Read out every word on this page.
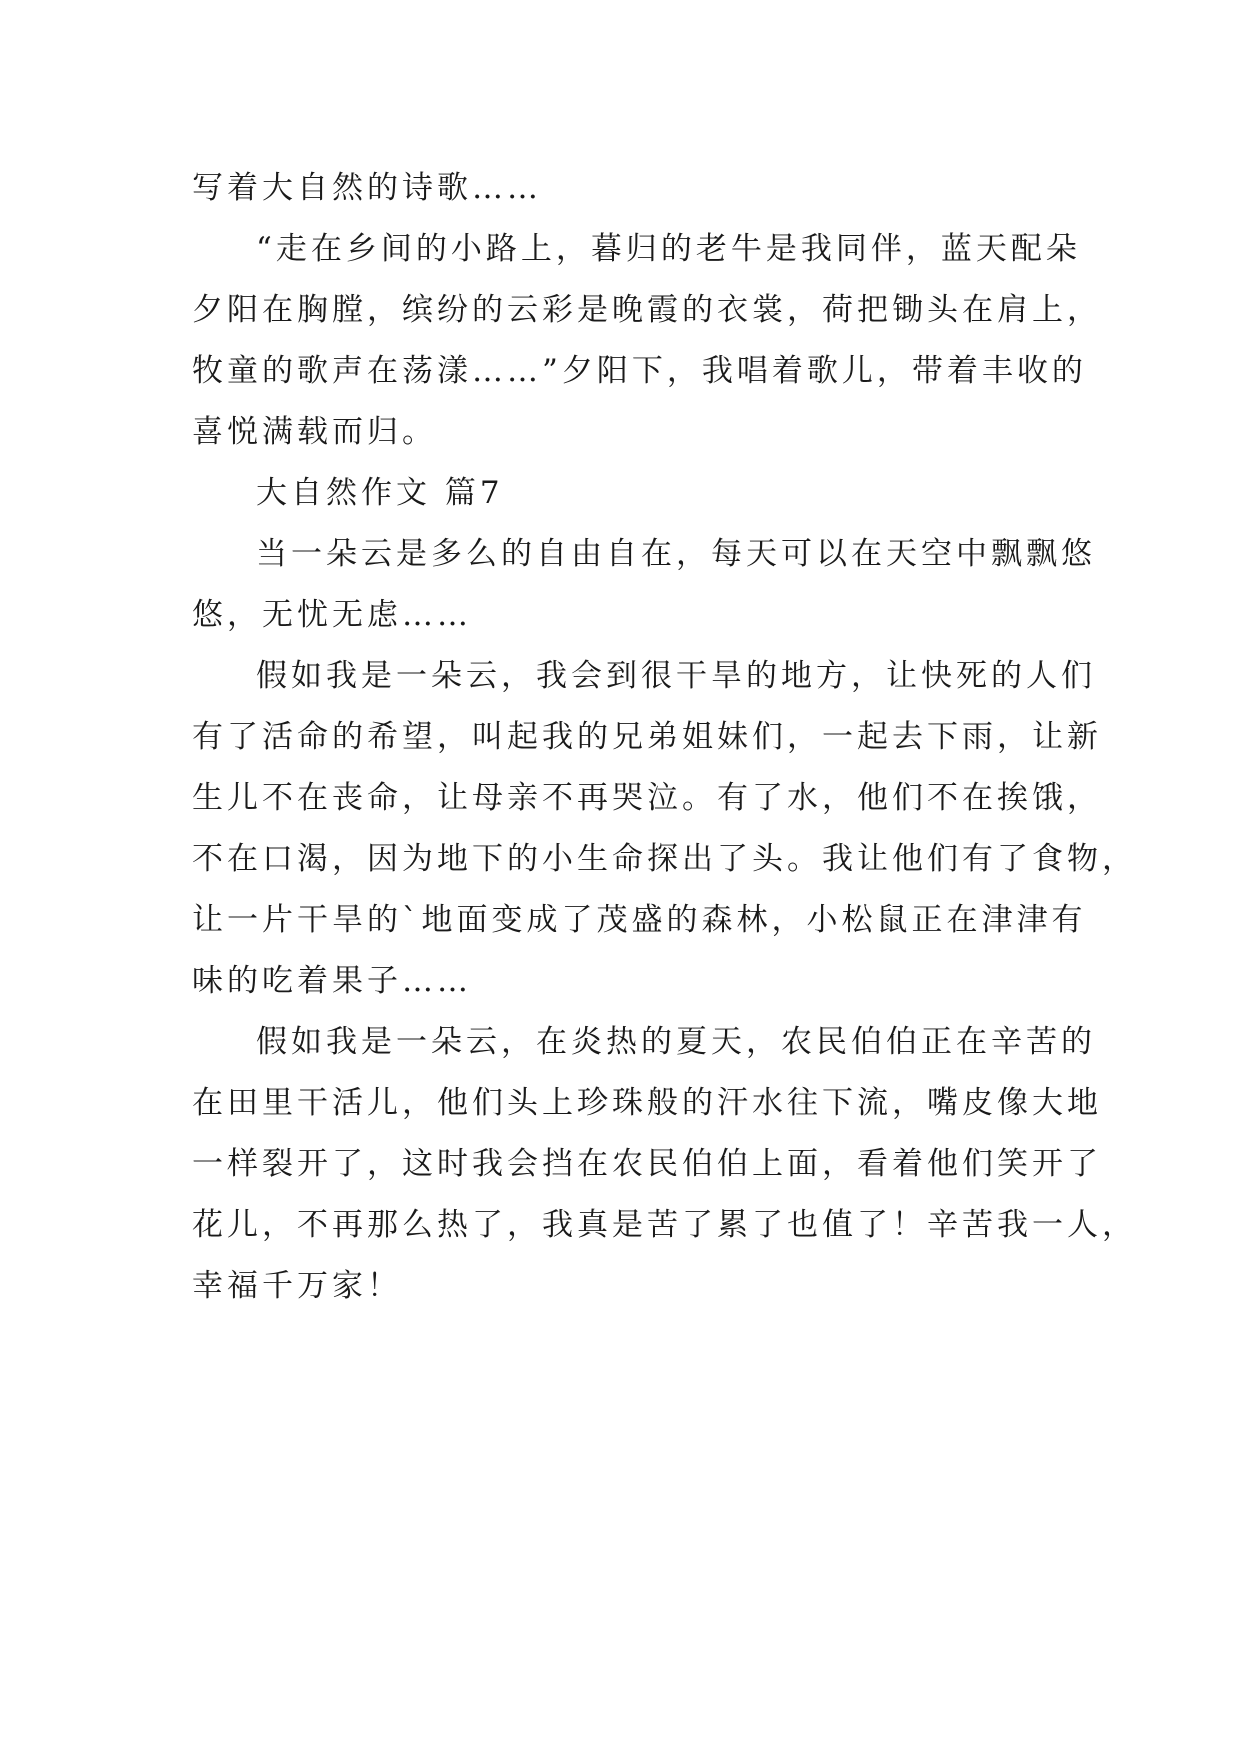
写着大自然的诗歌……
“走在乡间的小路上，暮归的老牛是我同伴，蓝天配朵
夕阳在胸膛，缤纷的云彩是晚霞的衣裳，荷把锄头在肩上，
牧童的歌声在荡漾……”夕阳下，我唱着歌儿，带着丰收的
喜悦满载而归。
大自然作文 篇7
当一朵云是多么的自由自在，每天可以在天空中飘飘悠
悠，无忧无虑……
假如我是一朵云，我会到很干旱的地方，让快死的人们
有了活命的希望，叫起我的兄弟姐妹们，一起去下雨，让新
生儿不在丧命，让母亲不再哭泣。有了水，他们不在挨饿，
不在口渴，因为地下的小生命探出了头。我让他们有了食物，
让一片干旱的`地面变成了茂盛的森林，小松鼠正在津津有
味的吃着果子……
假如我是一朵云，在炎热的夏天，农民伯伯正在辛苦的
在田里干活儿，他们头上珍珠般的汗水往下流，嘴皮像大地
一样裂开了，这时我会挡在农民伯伯上面，看着他们笑开了
花儿，不再那么热了，我真是苦了累了也值了！辛苦我一人，
幸福千万家！
